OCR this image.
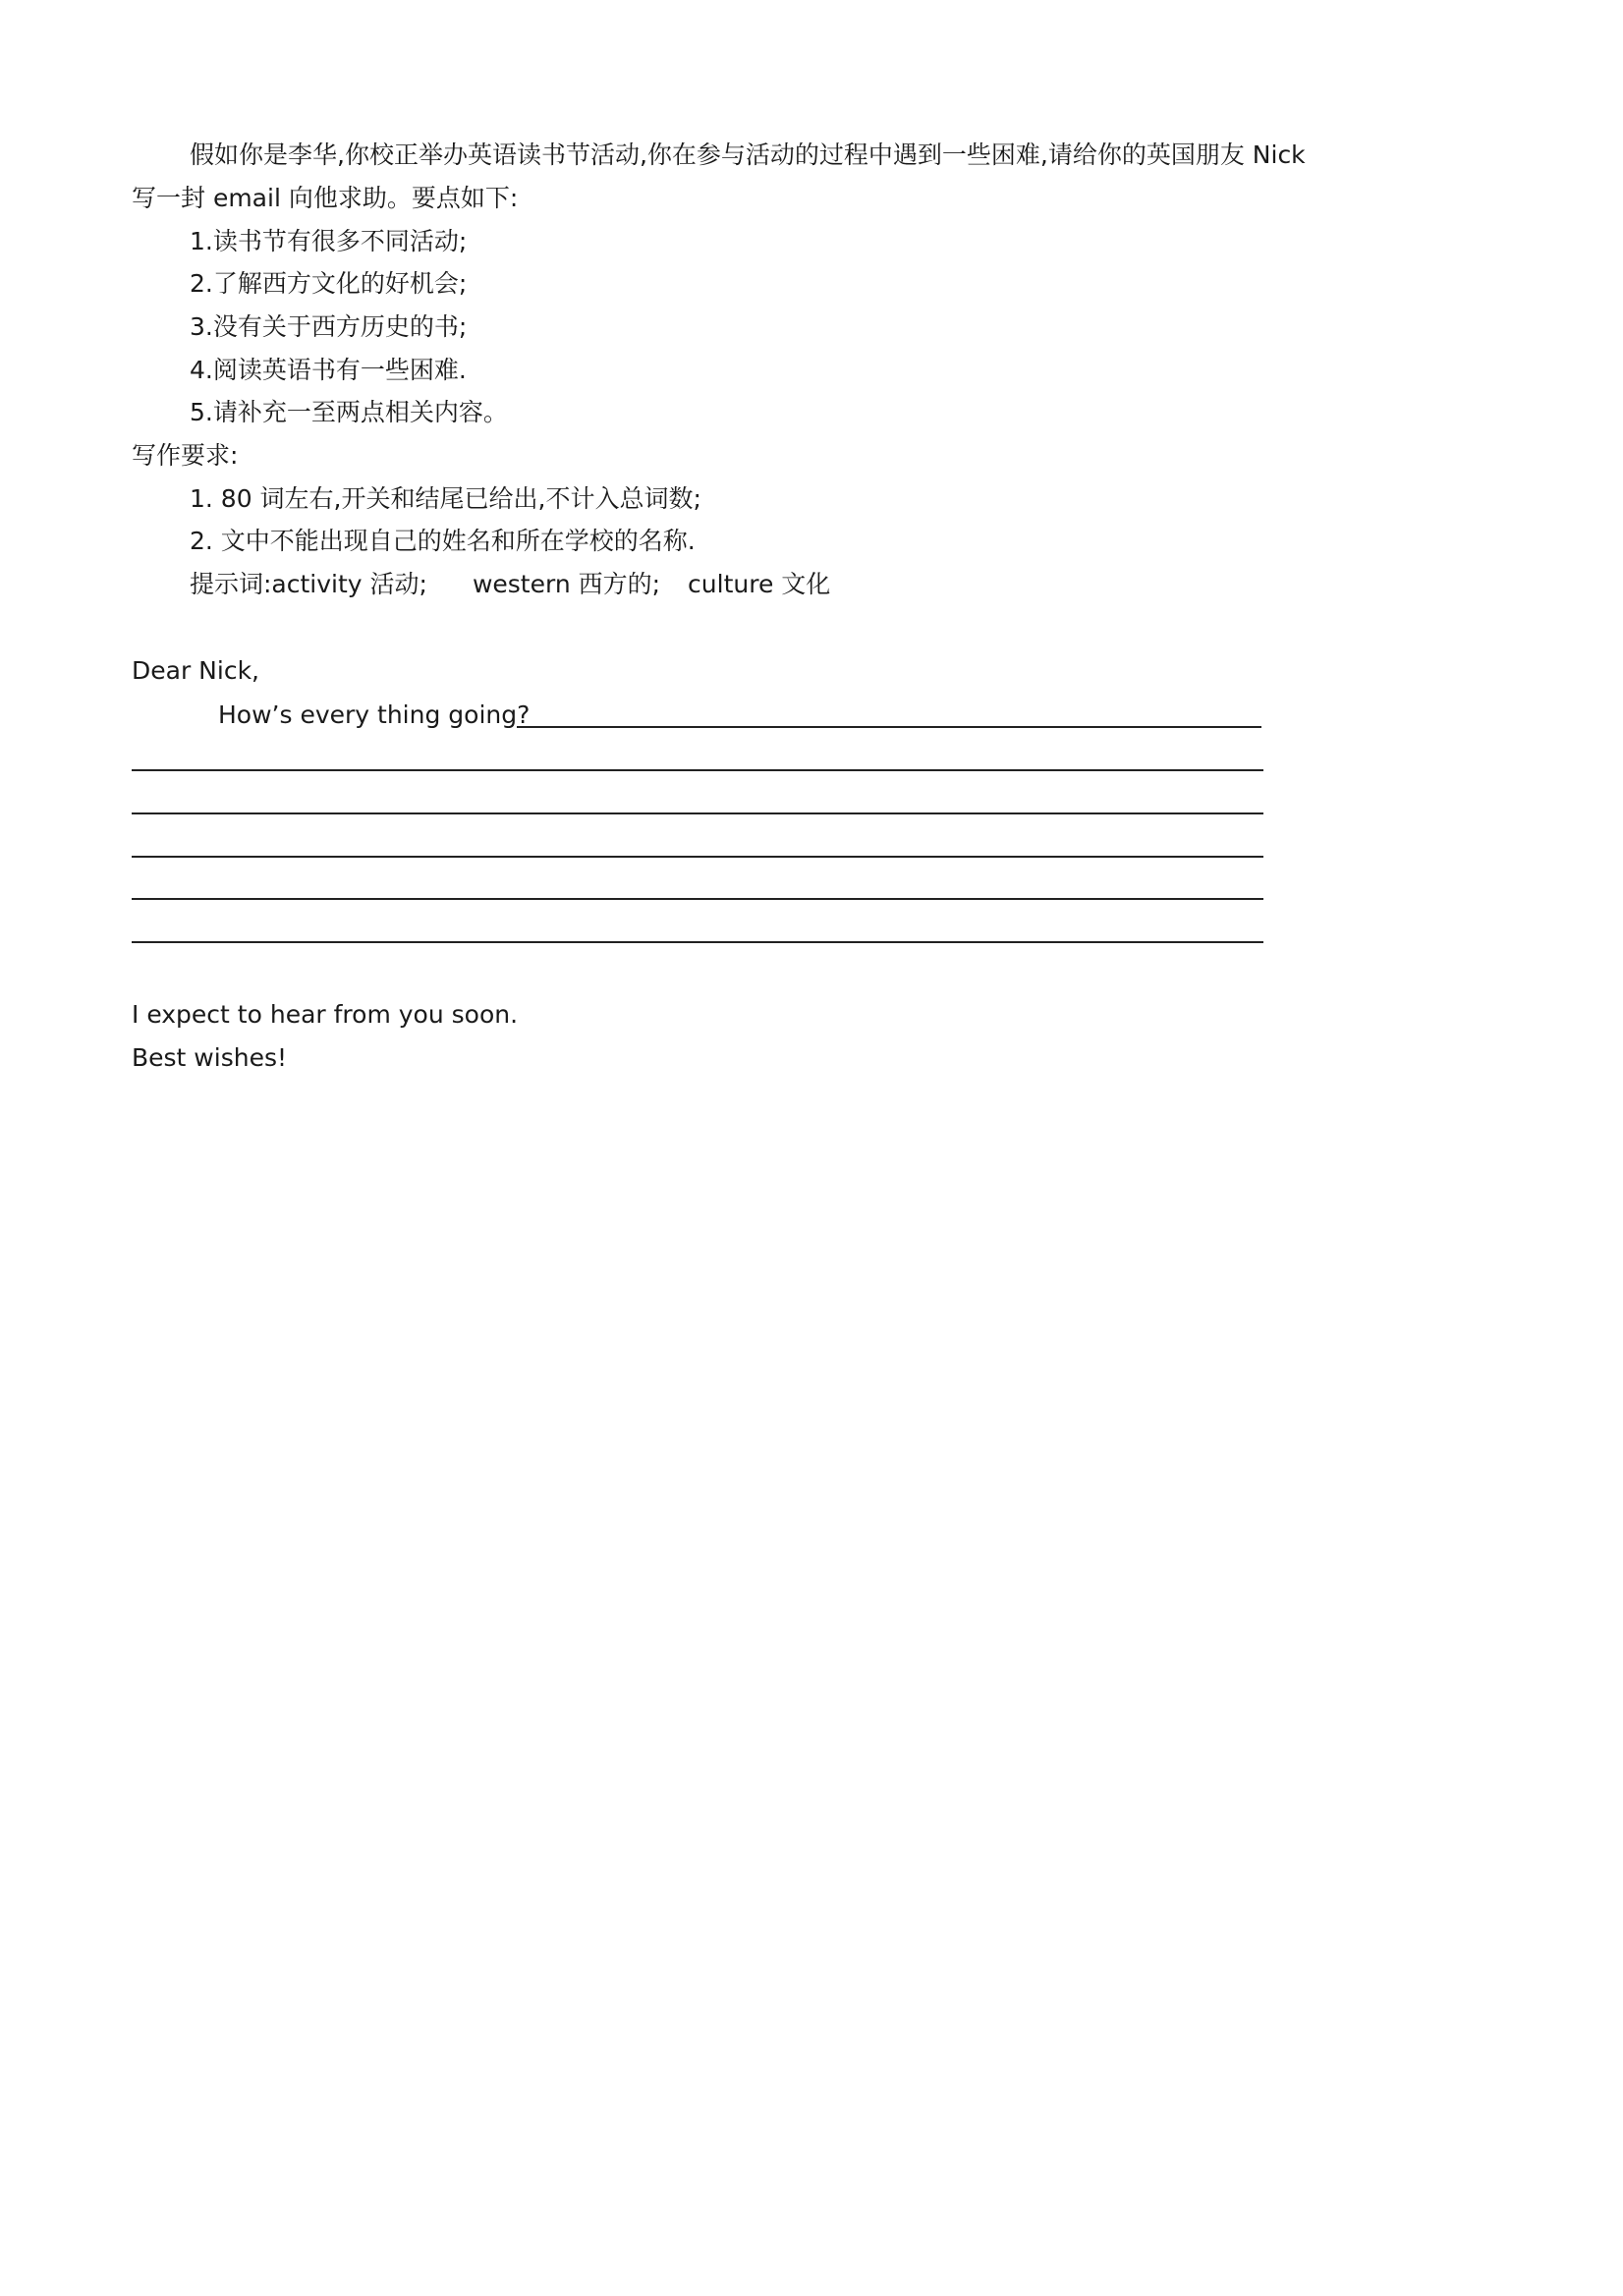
假如你是李华,你校正举办英语读书节活动,你在参与活动的过程中遇到一些困难,请给你的英国朋友 Nick
写一封 email 向他求助。要点如下:
1.读书节有很多不同活动;
2.了解西方文化的好机会;
3.没有关于西方历史的书;
4.阅读英语书有一些困难.
5.请补充一至两点相关内容。
写作要求:
1. 80 词左右,开关和结尾已给出,不计入总词数;
2. 文中不能出现自己的姓名和所在学校的名称.
提示词:activity 活动; western 西方的; culture 文化
Dear Nick,
How’s every thing going?
I expect to hear from you soon.
Best wishes!
